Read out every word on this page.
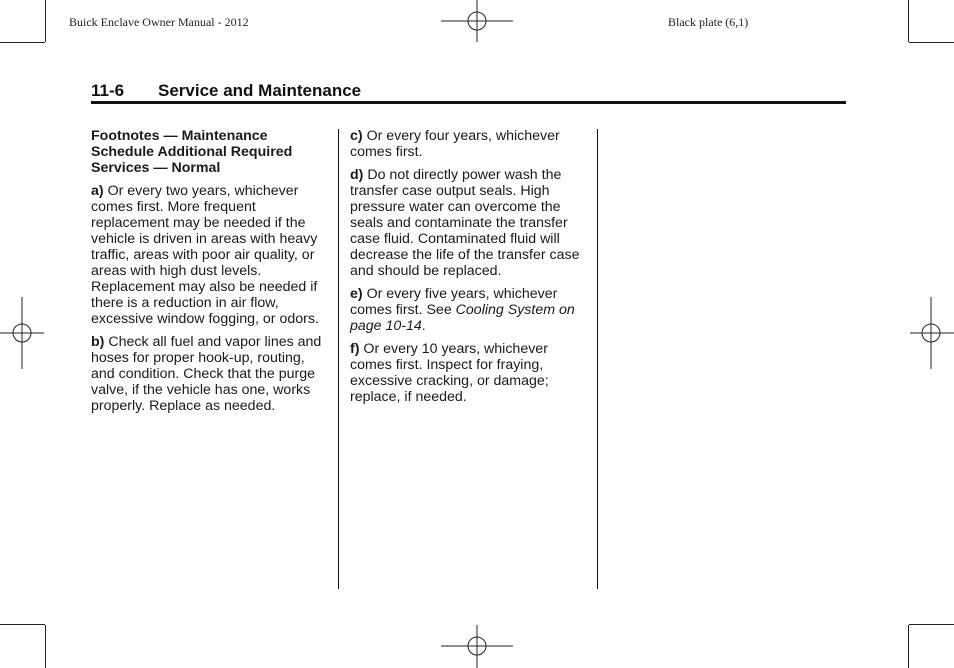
Buick Enclave Owner Manual - 2012	Black plate (6,1)
11-6 Service and Maintenance

Footnotes — Maintenance Schedule Additional Required Services — Normal

a) Or every two years, whichever comes first. More frequent replacement may be needed if the vehicle is driven in areas with heavy traffic, areas with poor air quality, or areas with high dust levels. Replacement may also be needed if there is a reduction in air flow, excessive window fogging, or odors.

b) Check all fuel and vapor lines and hoses for proper hook-up, routing, and condition. Check that the purge valve, if the vehicle has one, works properly. Replace as needed.

c) Or every four years, whichever comes first.

d) Do not directly power wash the transfer case output seals. High pressure water can overcome the seals and contaminate the transfer case fluid. Contaminated fluid will decrease the life of the transfer case and should be replaced.

e) Or every five years, whichever comes first. See Cooling System on page 10-14.

f) Or every 10 years, whichever comes first. Inspect for fraying, excessive cracking, or damage; replace, if needed.
